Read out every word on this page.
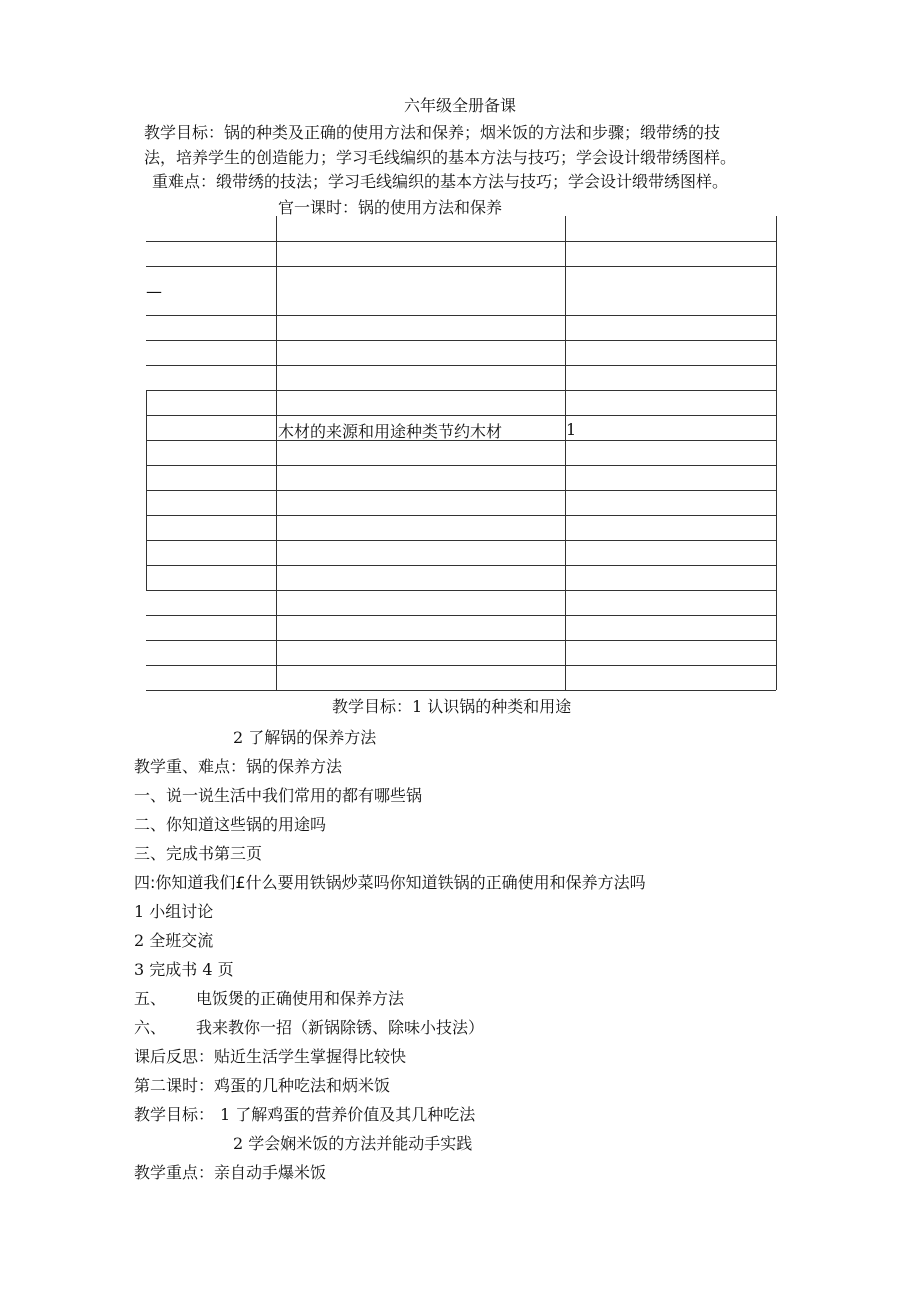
六年级全册备课
教学目标：锅的种类及正确的使用方法和保养；烟米饭的方法和步骤；缎带绣的技
法，培养学生的创造能力；学习毛线编织的基本方法与技巧；学会设计缎带绣图样。
重难点：缎带绣的技法；学习毛线编织的基本方法与技巧；学会设计缎带绣图样。
官一课时：锅的使用方法和保养
—
木材的来源和用途种类节约木材	1
教学目标：1 认识锅的种类和用途
2 了解锅的保养方法
教学重、难点：锅的保养方法
一、说一说生活中我们常用的都有哪些锅
二、你知道这些锅的用途吗
三、完成书第三页
四:你知道我们£什么要用铁锅炒菜吗你知道铁锅的正确使用和保养方法吗
1 小组讨论
2 全班交流
3 完成书 4 页
五、 电饭煲的正确使用和保养方法
六、 我来教你一招（新锅除锈、除味小技法）
课后反思：贴近生活学生掌握得比较快
第二课时：鸡蛋的几种吃法和炳米饭
教学目标： 1 了解鸡蛋的营养价值及其几种吃法
2 学会娴米饭的方法并能动手实践
教学重点：亲自动手爆米饭
